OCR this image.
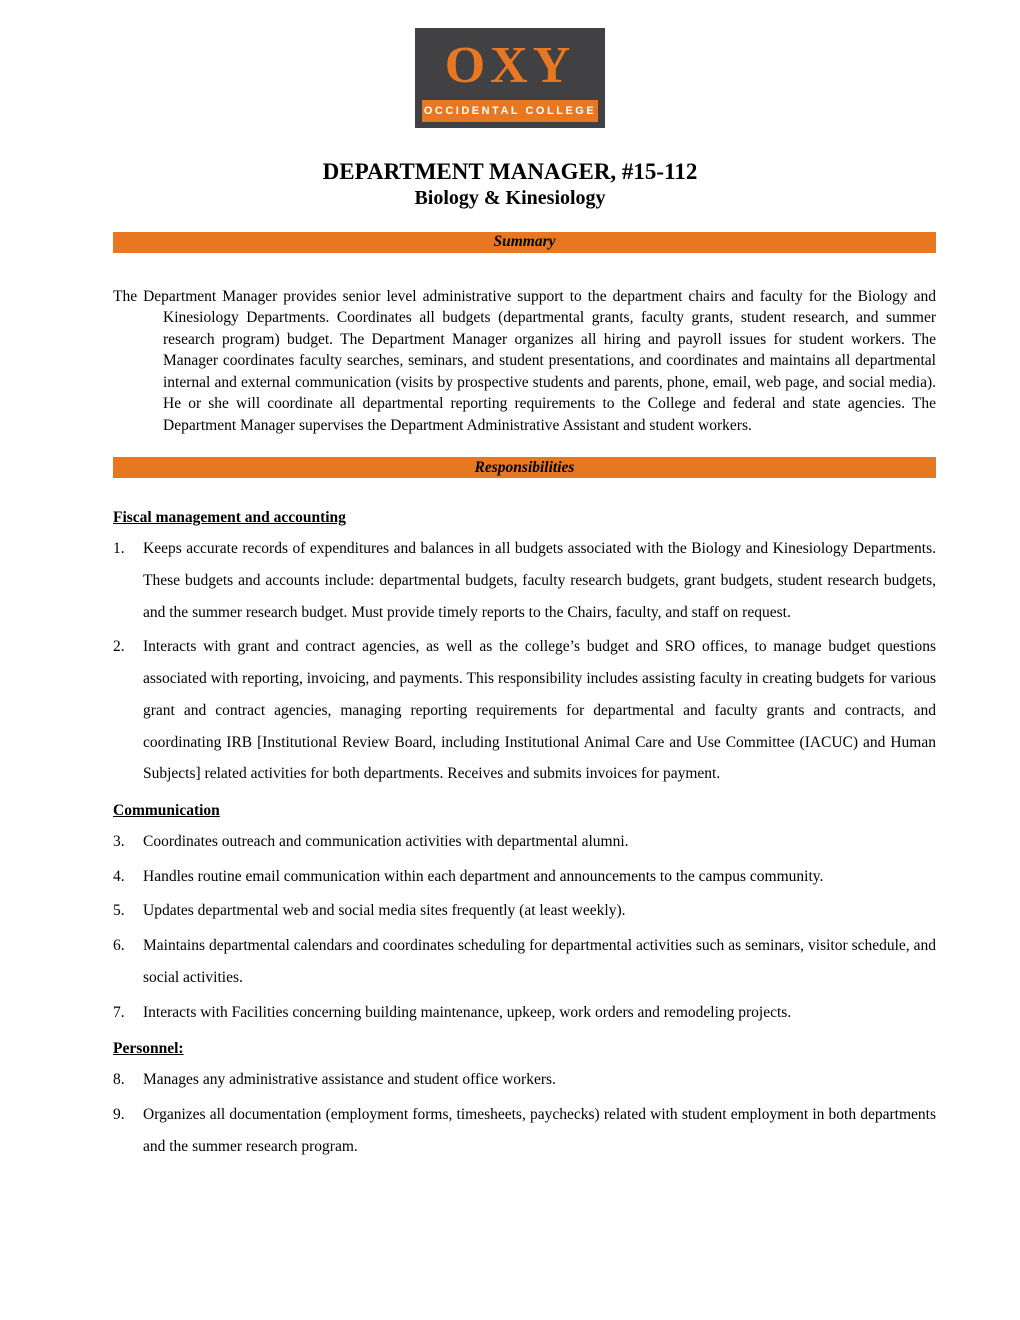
OXY
OCCIDENTAL COLLEGE
DEPARTMENT MANAGER, #15-112
Biology & Kinesiology
Summary

The Department Manager provides senior level administrative support to the department chairs and faculty for the Biology and Kinesiology Departments. Coordinates all budgets (departmental grants, faculty grants, student research, and summer research program) budget. The Department Manager organizes all hiring and payroll issues for student workers. The Manager coordinates faculty searches, seminars, and student presentations, and coordinates and maintains all departmental internal and external communication (visits by prospective students and parents, phone, email, web page, and social media). He or she will coordinate all departmental reporting requirements to the College and federal and state agencies. The Department Manager supervises the Department Administrative Assistant and student workers.

Responsibilities
Fiscal management and accounting
1. Keeps accurate records of expenditures and balances in all budgets associated with the Biology and Kinesiology Departments. These budgets and accounts include: departmental budgets, faculty research budgets, grant budgets, student research budgets, and the summer research budget. Must provide timely reports to the Chairs, faculty, and staff on request.
2. Interacts with grant and contract agencies, as well as the college’s budget and SRO offices, to manage budget questions associated with reporting, invoicing, and payments. This responsibility includes assisting faculty in creating budgets for various grant and contract agencies, managing reporting requirements for departmental and faculty grants and contracts, and coordinating IRB [Institutional Review Board, including Institutional Animal Care and Use Committee (IACUC) and Human Subjects] related activities for both departments. Receives and submits invoices for payment.
Communication
3. Coordinates outreach and communication activities with departmental alumni.
4. Handles routine email communication within each department and announcements to the campus community.
5. Updates departmental web and social media sites frequently (at least weekly).
6. Maintains departmental calendars and coordinates scheduling for departmental activities such as seminars, visitor schedule, and social activities.
7. Interacts with Facilities concerning building maintenance, upkeep, work orders and remodeling projects.
Personnel:
8. Manages any administrative assistance and student office workers.
9. Organizes all documentation (employment forms, timesheets, paychecks) related with student employment in both departments and the summer research program.
